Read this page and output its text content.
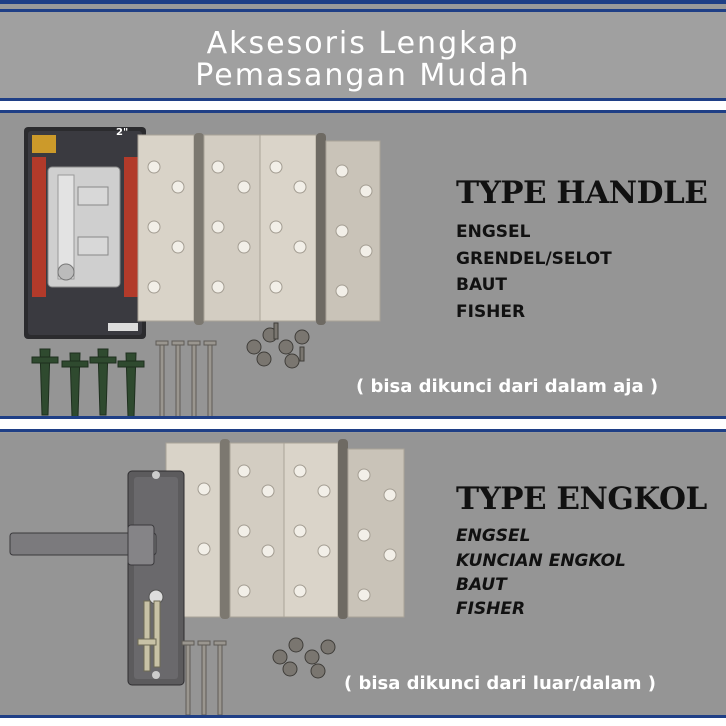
Aksesoris Lengkap
Pemasangan Mudah
2"
TYPE HANDLE
ENGSEL
GRENDEL/SELOT
BAUT
FISHER
( bisa dikunci dari dalam aja )
TYPE ENGKOL
ENGSEL
KUNCIAN ENGKOL
BAUT
FISHER
( bisa dikunci dari luar/dalam )
